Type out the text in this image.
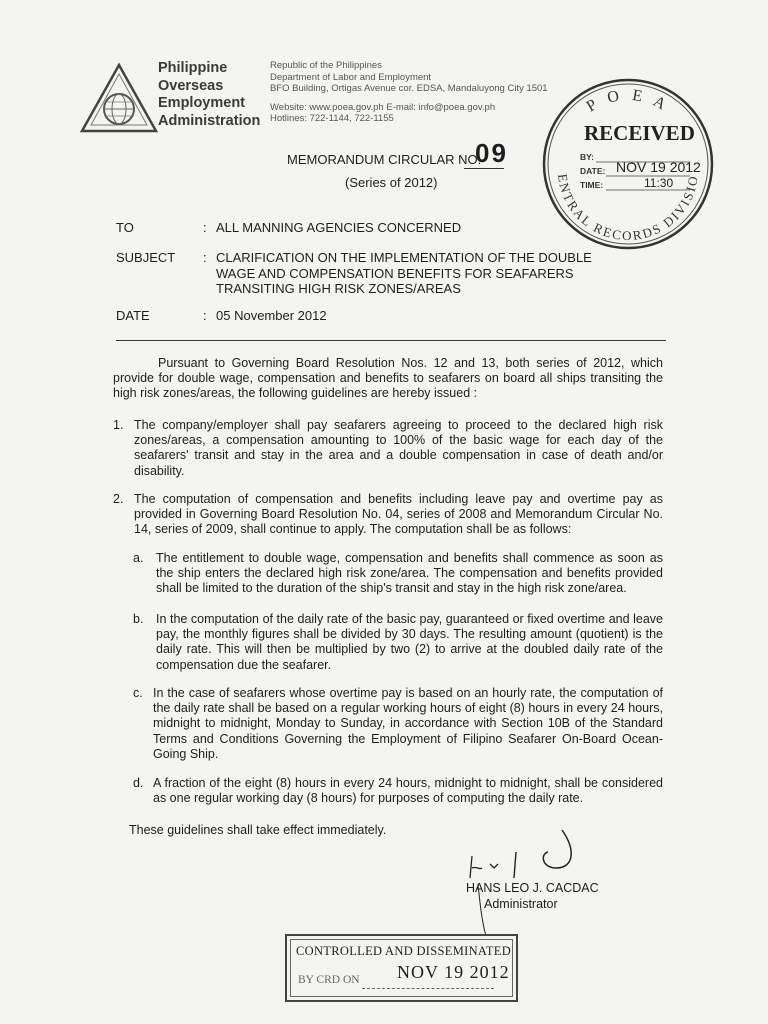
Philippine
Overseas
Employment
Administration
Republic of the Philippines
Department of Labor and Employment
BFO Building, Ortigas Avenue cor. EDSA, Mandaluyong City 1501
Website: www.poea.gov.ph E-mail: info@poea.gov.ph
Hotlines: 722-1144, 722-1155
MEMORANDUM CIRCULAR NO.
09
(Series of 2012)
P O E A
CENTRAL RECORDS DIVISION
RECEIVED
BY:
DATE:
TIME:
NOV 19 2012
11:30
TO	: ALL MANNING AGENCIES CONCERNED
SUBJECT : CLARIFICATION ON THE IMPLEMENTATION OF THE DOUBLE
WAGE AND COMPENSATION BENEFITS FOR SEAFARERS
TRANSITING HIGH RISK ZONES/AREAS
DATE	: 05 November 2012
Pursuant to Governing Board Resolution Nos. 12 and 13, both series of 2012, which provide for double wage, compensation and benefits to seafarers on board all ships transiting the high risk zones/areas, the following guidelines are hereby issued :
1. The company/employer shall pay seafarers agreeing to proceed to the declared high risk zones/areas, a compensation amounting to 100% of the basic wage for each day of the seafarers' transit and stay in the area and a double compensation in case of death and/or disability.
2. The computation of compensation and benefits including leave pay and overtime pay as provided in Governing Board Resolution No. 04, series of 2008 and Memorandum Circular No. 14, series of 2009, shall continue to apply. The computation shall be as follows:
a. The entitlement to double wage, compensation and benefits shall commence as soon as the ship enters the declared high risk zone/area. The compensation and benefits provided shall be limited to the duration of the ship's transit and stay in the high risk zone/area.
b. In the computation of the daily rate of the basic pay, guaranteed or fixed overtime and leave pay, the monthly figures shall be divided by 30 days. The resulting amount (quotient) is the daily rate. This will then be multiplied by two (2) to arrive at the doubled daily rate of the compensation due the seafarer.
c. In the case of seafarers whose overtime pay is based on an hourly rate, the computation of the daily rate shall be based on a regular working hours of eight (8) hours in every 24 hours, midnight to midnight, Monday to Sunday, in accordance with Section 10B of the Standard Terms and Conditions Governing the Employment of Filipino Seafarer On-Board Ocean-Going Ship.
d. A fraction of the eight (8) hours in every 24 hours, midnight to midnight, shall be considered as one regular working day (8 hours) for purposes of computing the daily rate.
These guidelines shall take effect immediately.
HANS LEO J. CACDAC
Administrator
CONTROLLED AND DISSEMINATED
BY CRD ON NOV 19 2012
